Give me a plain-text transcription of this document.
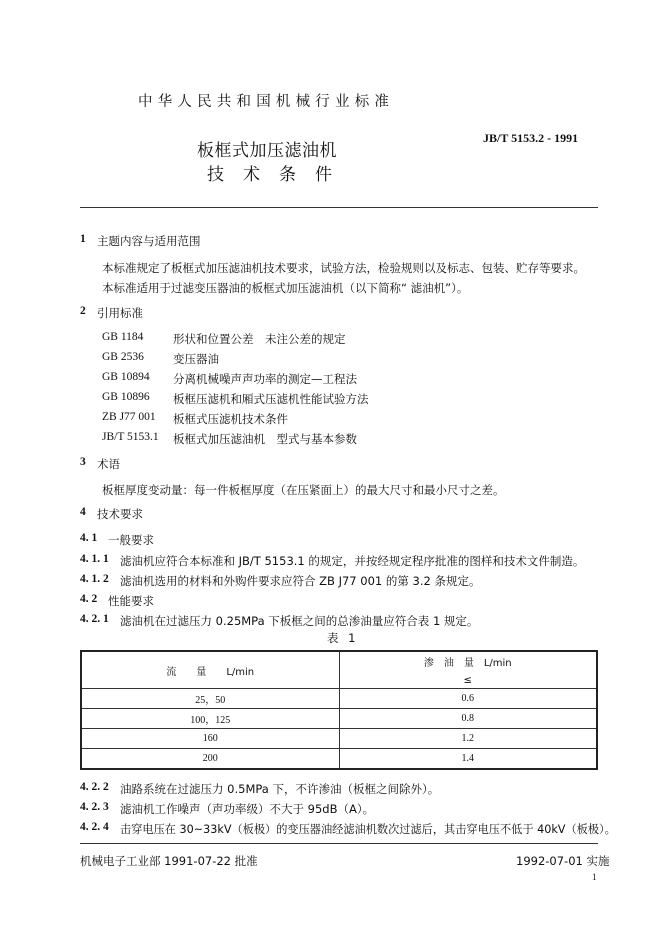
中华人民共和国机械行业标准
板框式加压滤油机
技术条件
JB/T 5153.2 - 1991
1 主题内容与适用范围
本标准规定了板框式加压滤油机技术要求，试验方法，检验规则以及标志、包装、贮存等要求。
本标准适用于过滤变压器油的板框式加压滤油机（以下简称“ 滤油机”）。
2 引用标准
GB 1184	形状和位置公差　未注公差的规定
GB 2536	变压器油
GB 10894 分离机械噪声声功率的测定—工程法
GB 10896 板框压滤机和厢式压滤机性能试验方法
ZB J77 001 板框式压滤机技术条件
JB/T 5153.1 板框式加压滤油机　型式与基本参数
3 术语
板框厚度变动量：每一件板框厚度（在压紧面上）的最大尺寸和最小尺寸之差。
4 技术要求
4. 1 一般要求
4. 1. 1 滤油机应符合本标准和 JB/T 5153.1 的规定，并按经规定程序批准的图样和技术文件制造。
4. 1. 2 滤油机选用的材料和外购件要求应符合 ZB J77 001 的第 3.2 条规定。
4. 2 性能要求
4. 2. 1 滤油机在过滤压力 0.25MPa 下板框之间的总渗油量应符合表 1 规定。
表 1
流　　量　　L/min	渗　油　量　L/min
≤

25，50	0.6
100，125	0.8
160	1.2
200	1.4
4. 2. 2 油路系统在过滤压力 0.5MPa 下，不许渗油（板框之间除外）。
4. 2. 3 滤油机工作噪声（声功率级）不大于 95dB（A）。
4. 2. 4 击穿电压在 30~33kV（板极）的变压器油经滤油机数次过滤后，其击穿电压不低于 40kV（板极）。
机械电子工业部 1991-07-22 批准	1992-07-01 实施
1
